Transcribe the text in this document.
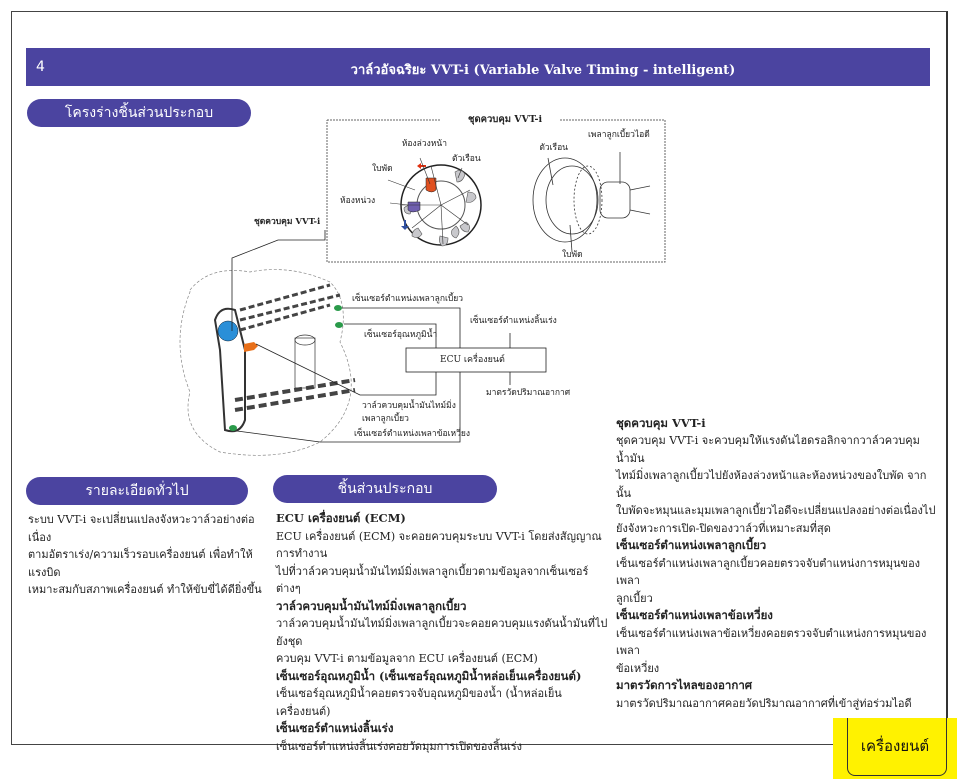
4	วาล์วอัจฉริยะ VVT-i (Variable Valve Timing - intelligent)
โครงร่างชิ้นส่วนประกอบ
รายละเอียดทั่วไป	ชิ้นส่วนประกอบ
ชุดควบคุม VVT-i
ห้องล่วงหน้า
ตัวเรือน
ใบพัด
ห้องหน่วง
ตัวเรือน
เพลาลูกเบี้ยวไอดี
ใบพัด
ชุดควบคุม VVT-i
เซ็นเซอร์ตำแหน่งเพลาลูกเบี้ยว
เซ็นเซอร์อุณหภูมิน้ำ
เซ็นเซอร์ตำแหน่งลิ้นเร่ง
ECU เครื่องยนต์
วาล์วควบคุมน้ำมันไทม์มิ่ง
เพลาลูกเบี้ยว
มาตรวัดปริมาณอากาศ
เซ็นเซอร์ตำแหน่งเพลาข้อเหวี่ยง

ระบบ VVT-i จะเปลี่ยนแปลงจังหวะวาล์วอย่างต่อเนื่อง

ตามอัตราเร่ง/ความเร็วรอบเครื่องยนต์ เพื่อทำให้แรงบิด

เหมาะสมกับสภาพเครื่องยนต์ ทำให้ขับขี่ได้ดียิ่งขึ้น

ECU เครื่องยนต์ (ECM)

ECU เครื่องยนต์ (ECM) จะคอยควบคุมระบบ VVT-i โดยส่งสัญญาณการทำงาน

ไปที่วาล์วควบคุมน้ำมันไทม์มิ่งเพลาลูกเบี้ยวตามข้อมูลจากเซ็นเซอร์ต่างๆ

วาล์วควบคุมน้ำมันไทม์มิ่งเพลาลูกเบี้ยว

วาล์วควบคุมน้ำมันไทม์มิ่งเพลาลูกเบี้ยวจะคอยควบคุมแรงดันน้ำมันที่ไปยังชุด

ควบคุม VVT-i ตามข้อมูลจาก ECU เครื่องยนต์ (ECM)

เซ็นเซอร์อุณหภูมิน้ำ (เซ็นเซอร์อุณหภูมิน้ำหล่อเย็นเครื่องยนต์)

เซ็นเซอร์อุณหภูมิน้ำคอยตรวจจับอุณหภูมิของน้ำ (น้ำหล่อเย็นเครื่องยนต์)

เซ็นเซอร์ตำแหน่งลิ้นเร่ง

เซ็นเซอร์ตำแหน่งลิ้นเร่งคอยวัดมุมการเปิดของลิ้นเร่ง

ชุดควบคุม VVT-i

ชุดควบคุม VVT-i จะควบคุมให้แรงดันไฮดรอลิกจากวาล์วควบคุมน้ำมัน

ไทม์มิ่งเพลาลูกเบี้ยวไปยังห้องล่วงหน้าและห้องหน่วงของใบพัด จากนั้น

ใบพัดจะหมุนและมุมเพลาลูกเบี้ยวไอดีจะเปลี่ยนแปลงอย่างต่อเนื่องไป

ยังจังหวะการเปิด-ปิดของวาล์วที่เหมาะสมที่สุด

เซ็นเซอร์ตำแหน่งเพลาลูกเบี้ยว

เซ็นเซอร์ตำแหน่งเพลาลูกเบี้ยวคอยตรวจจับตำแหน่งการหมุนของเพลา

ลูกเบี้ยว

เซ็นเซอร์ตำแหน่งเพลาข้อเหวี่ยง

เซ็นเซอร์ตำแหน่งเพลาข้อเหวี่ยงคอยตรวจจับตำแหน่งการหมุนของเพลา

ข้อเหวี่ยง

มาตรวัดการไหลของอากาศ

มาตรวัดปริมาณอากาศคอยวัดปริมาณอากาศที่เข้าสู่ท่อร่วมไอดี

เครื่องยนต์
